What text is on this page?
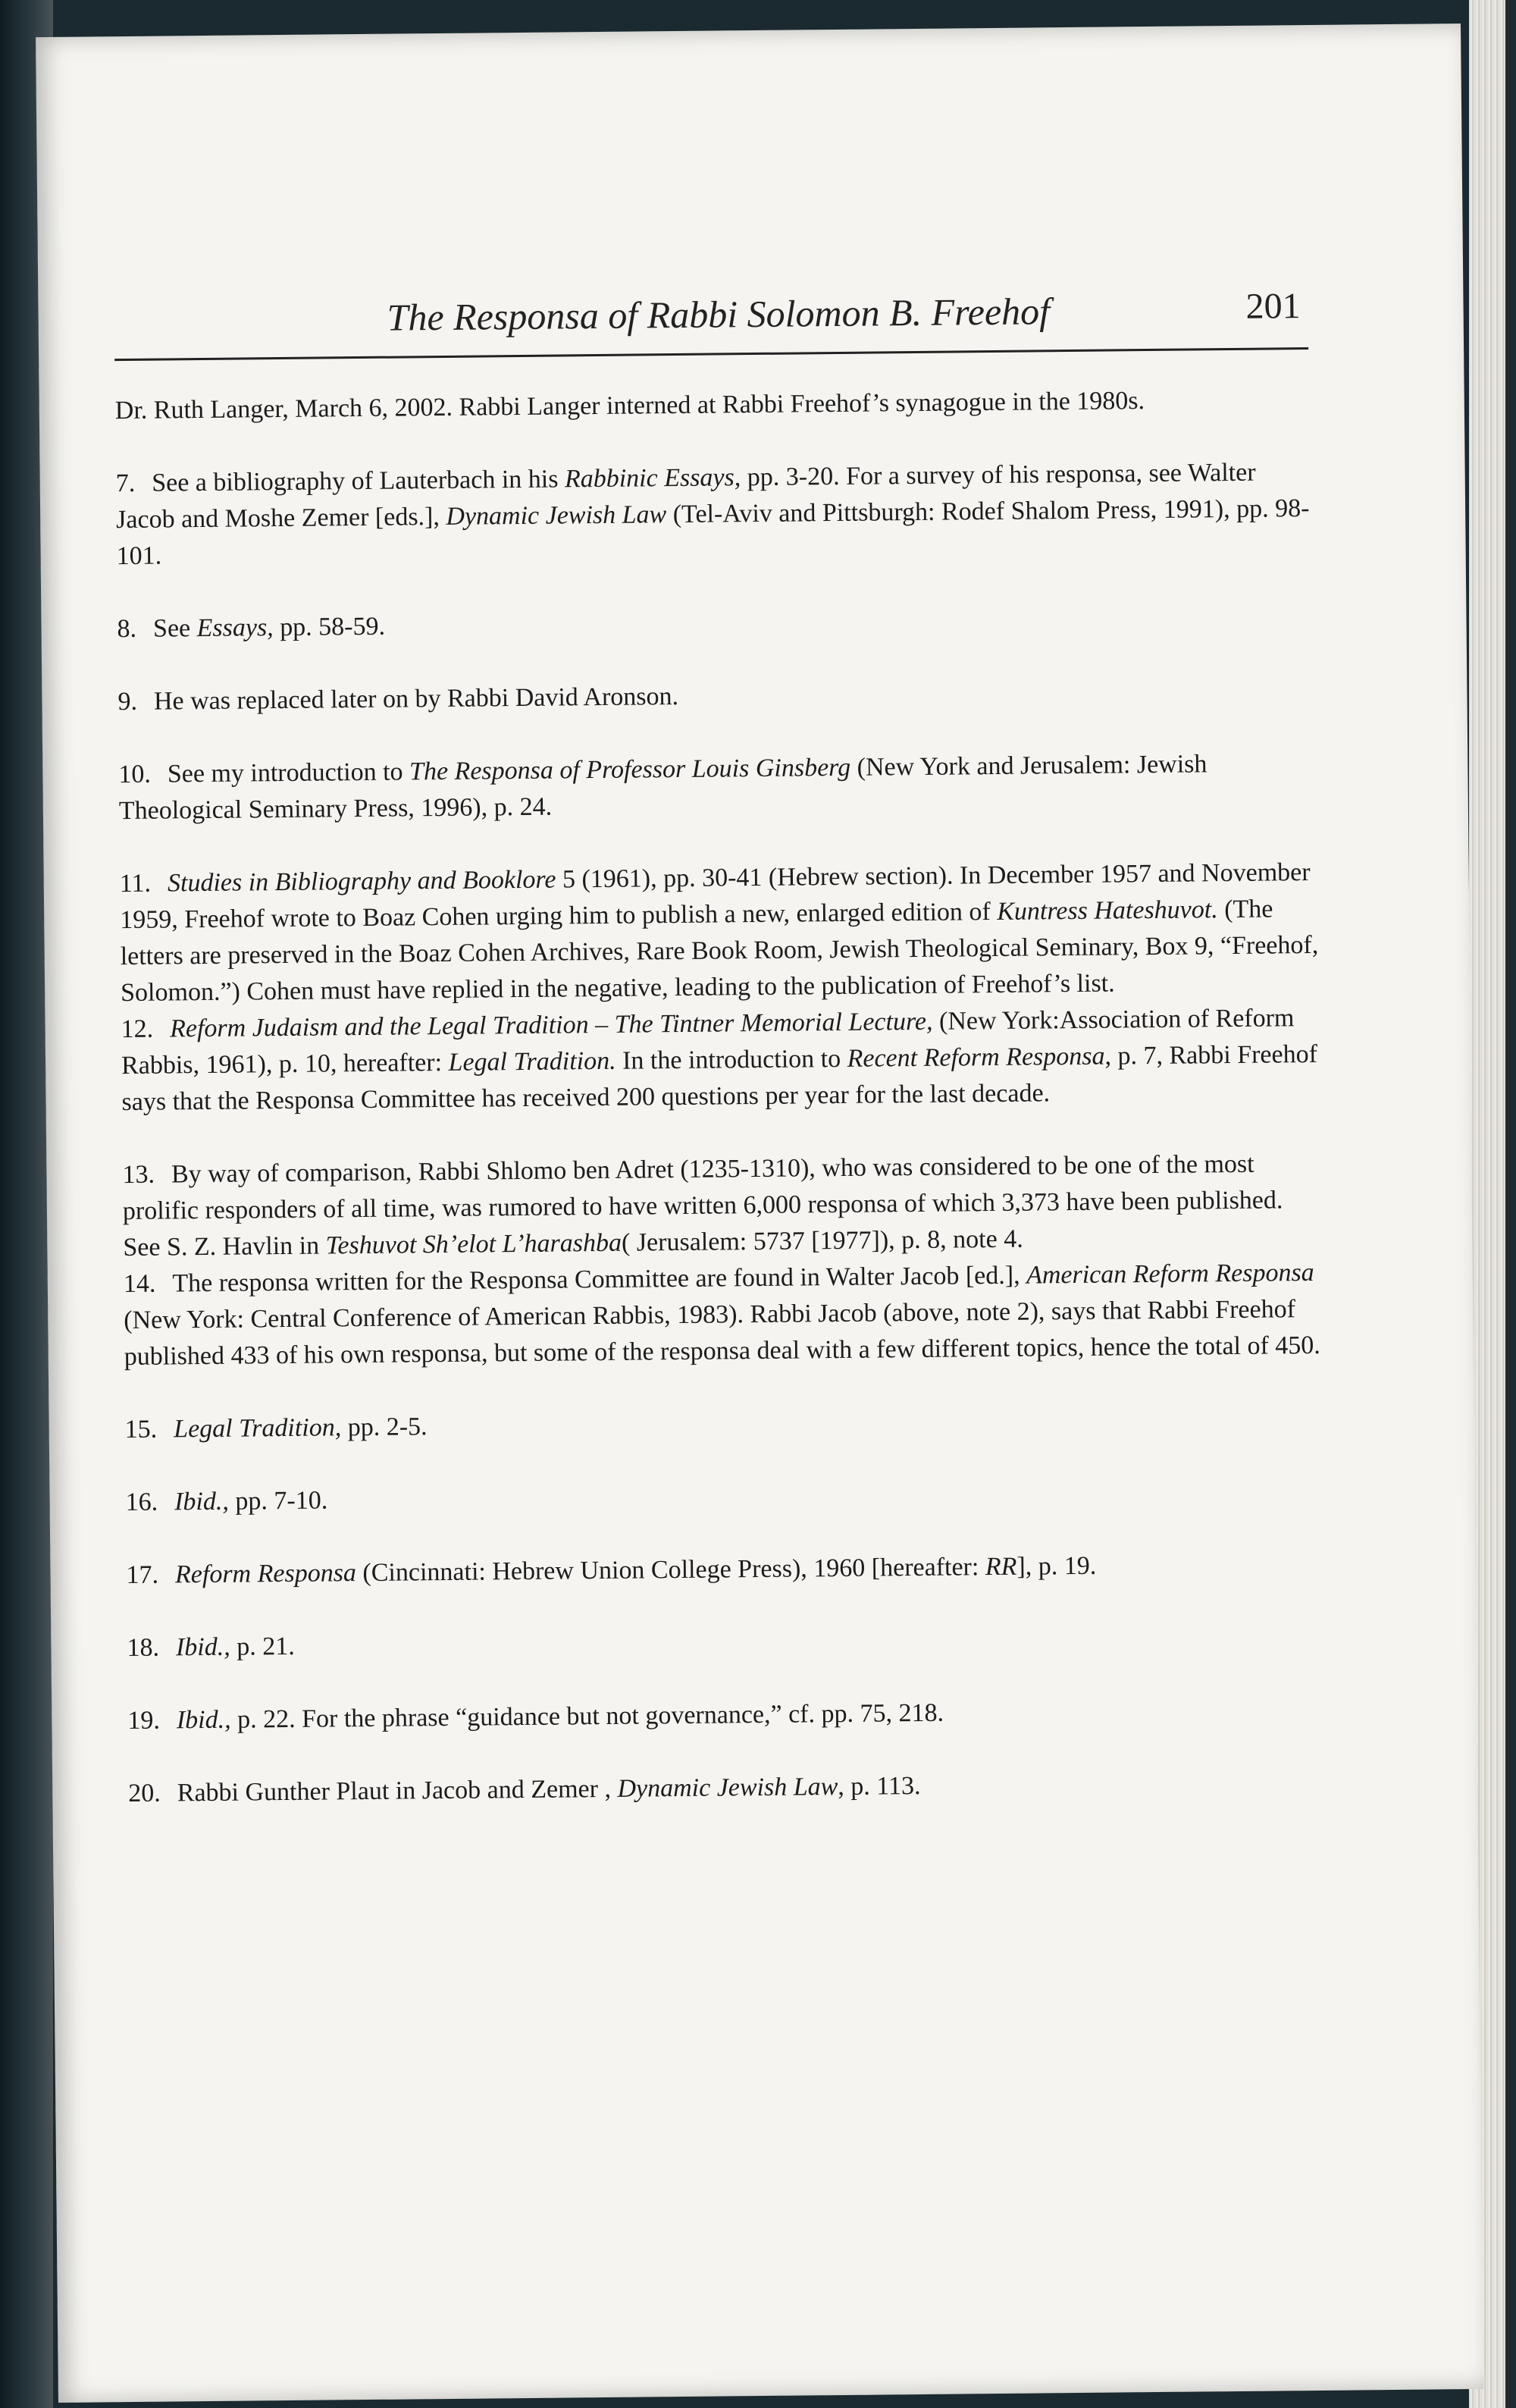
The Responsa of Rabbi Solomon B. Freehof	201

Dr. Ruth Langer, March 6, 2002. Rabbi Langer interned at Rabbi Freehof’s synagogue in the 1980s.

7. See a bibliography of Lauterbach in his Rabbinic Essays, pp. 3-20. For a survey of his responsa, see Walter Jacob and Moshe Zemer [eds.], Dynamic Jewish Law (Tel-Aviv and Pittsburgh: Rodef Shalom Press, 1991), pp. 98-101.

8. See Essays, pp. 58-59.

9. He was replaced later on by Rabbi David Aronson.

10. See my introduction to The Responsa of Professor Louis Ginsberg (New York and Jerusalem: Jewish Theological Seminary Press, 1996), p. 24.

11. Studies in Bibliography and Booklore 5 (1961), pp. 30-41 (Hebrew section). In December 1957 and November 1959, Freehof wrote to Boaz Cohen urging him to publish a new, enlarged edition of Kuntress Hateshuvot. (The letters are preserved in the Boaz Cohen Archives, Rare Book Room, Jewish Theological Seminary, Box 9, “Freehof, Solomon.”) Cohen must have replied in the negative, leading to the publication of Freehof’s list.

12. Reform Judaism and the Legal Tradition – The Tintner Memorial Lecture, (New York:Association of Reform Rabbis, 1961), p. 10, hereafter: Legal Tradition. In the introduction to Recent Reform Responsa, p. 7, Rabbi Freehof says that the Responsa Committee has received 200 questions per year for the last decade.

13. By way of comparison, Rabbi Shlomo ben Adret (1235-1310), who was considered to be one of the most prolific responders of all time, was rumored to have written 6,000 responsa of which 3,373 have been published. See S. Z. Havlin in Teshuvot Sh’elot L’harashba( Jerusalem: 5737 [1977]), p. 8, note 4.

14. The responsa written for the Responsa Committee are found in Walter Jacob [ed.], American Reform Responsa (New York: Central Conference of American Rabbis, 1983). Rabbi Jacob (above, note 2), says that Rabbi Freehof published 433 of his own responsa, but some of the responsa deal with a few different topics, hence the total of 450.

15. Legal Tradition, pp. 2-5.

16. Ibid., pp. 7-10.

17. Reform Responsa (Cincinnati: Hebrew Union College Press), 1960 [hereafter: RR], p. 19.

18. Ibid., p. 21.

19. Ibid., p. 22. For the phrase “guidance but not governance,” cf. pp. 75, 218.

20. Rabbi Gunther Plaut in Jacob and Zemer , Dynamic Jewish Law, p. 113.
